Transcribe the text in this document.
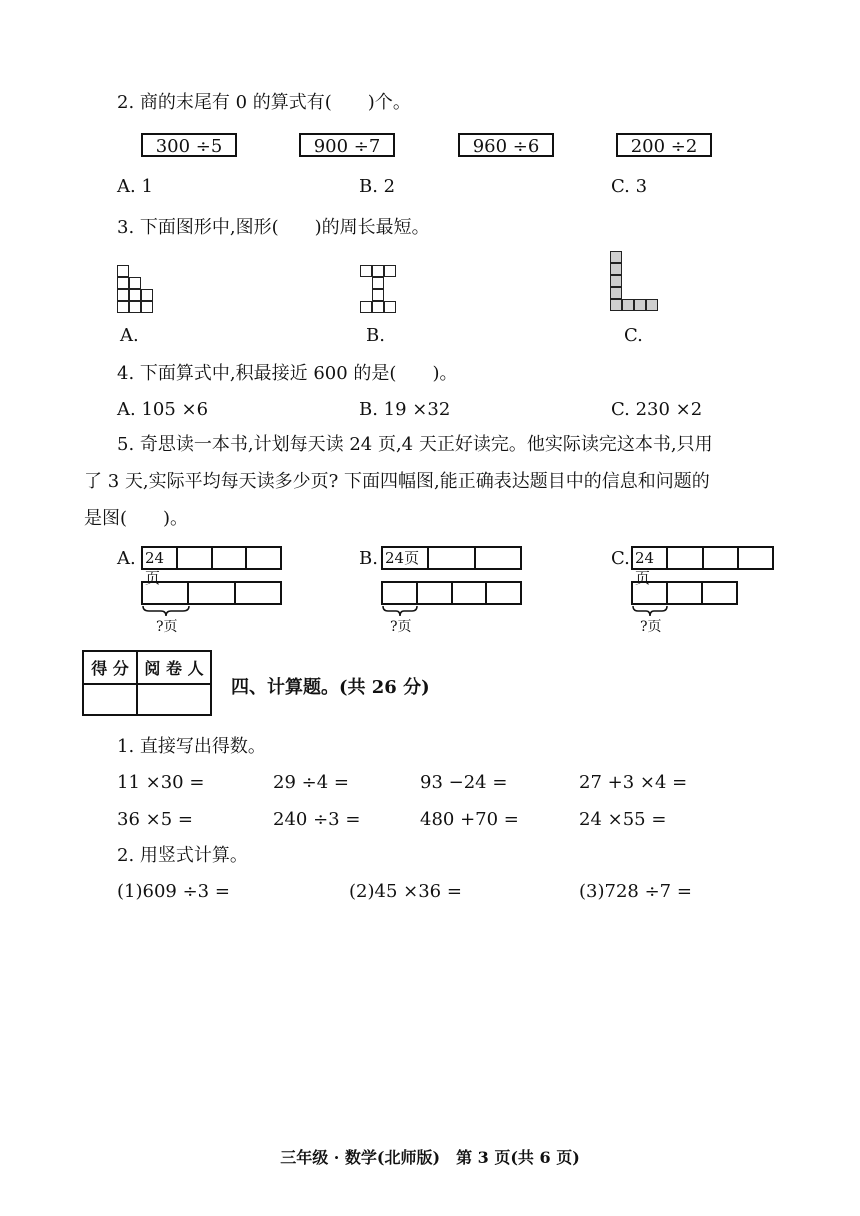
2. 商的末尾有 0 的算式有(　　)个。
300 ÷5	900 ÷7	960 ÷6	200 ÷2
A. 1	B. 2	C. 3
3. 下面图形中,图形(　　)的周长最短。
A.	B.	C.
4. 下面算式中,积最接近 600 的是(　　)。
A. 105 ×6	B. 19 ×32	C. 230 ×2
5. 奇思读一本书,计划每天读 24 页,4 天正好读完。他实际读完这本书,只用
了 3 天,实际平均每天读多少页? 下面四幅图,能正确表达题目中的信息和问题的
是图(　　)。
A. 24页
?页
B. 24页
?页
C. 24页
?页
得 分	阅 卷 人

四、计算题。(共 26 分)
1. 直接写出得数。
11 ×30 =	29 ÷4 =	93 −24 =	27 +3 ×4 =
36 ×5 =	240 ÷3 =	480 +70 =	24 ×55 =
2. 用竖式计算。
(1)609 ÷3 =	(2)45 ×36 =	(3)728 ÷7 =
三年级 · 数学(北师版)　第 3 页(共 6 页)
